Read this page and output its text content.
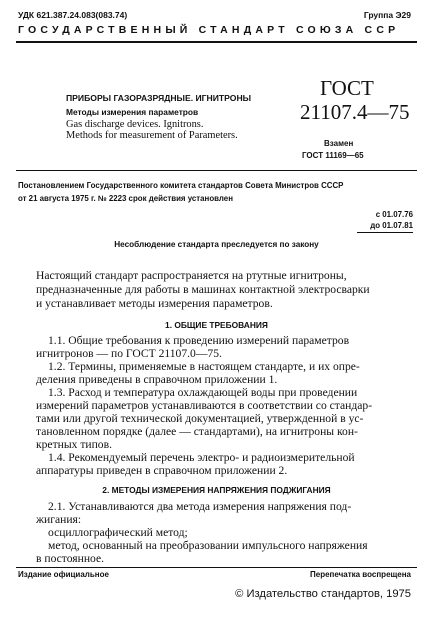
УДК 621.387.24.083(083.74)	Группа Э29
ГОСУДАРСТВЕННЫЙ СТАНДАРТ СОЮЗА ССР
ПРИБОРЫ ГАЗОРАЗРЯДНЫЕ. ИГНИТРОНЫ
Методы измерения параметров
Gas discharge devices. Ignitrons.
Methods for measurement of Parameters.
ГОСТ
21107.4—75
Взамен
ГОСТ 11169—65
Постановлением Государственного комитета стандартов Совета Министров СССР
от 21 августа 1975 г. № 2223 срок действия установлен
с 01.07.76
до 01.07.81
Несоблюдение стандарта преследуется по закону
Настоящий стандарт распространяется на ртутные игнитроны,
предназначенные для работы в машинах контактной электросварки
и устанавливает методы измерения параметров.
1. ОБЩИЕ ТРЕБОВАНИЯ
1.1. Общие требования к проведению измерений параметров
игнитронов — по ГОСТ 21107.0—75.
1.2. Термины, применяемые в настоящем стандарте, и их опре-
деления приведены в справочном приложении 1.
1.3. Расход и температура охлаждающей воды при проведении
измерений параметров устанавливаются в соответствии со стандар-
тами или другой технической документацией, утвержденной в ус-
тановленном порядке (далее — стандартами), на игнитроны кон-
кретных типов.
1.4. Рекомендуемый перечень электро- и радиоизмерительной
аппаратуры приведен в справочном приложении 2.
2. МЕТОДЫ ИЗМЕРЕНИЯ НАПРЯЖЕНИЯ ПОДЖИГАНИЯ
2.1. Устанавливаются два метода измерения напряжения под-
жигания:
осциллографический метод;
метод, основанный на преобразовании импульсного напряжения
в постоянное.
Издание официальное	Перепечатка воспрещена
© Издательство стандартов, 1975
